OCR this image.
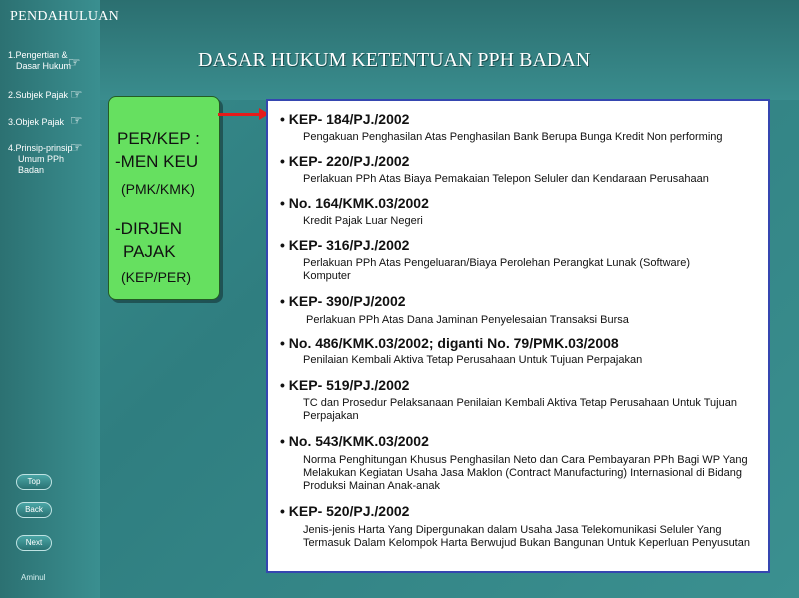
PENDAHULUAN
DASAR HUKUM KETENTUAN PPH BADAN
1.Pengertian &
Dasar Hukum
☞
2.Subjek Pajak ☞
3.Objek Pajak ☞
4.Prinsip-prinsip
Umum PPh
Badan
☞ PER/KEP :
-MEN KEU
(PMK/KMK)
-DIRJEN
PAJAK
(KEP/PER)
• KEP- 184/PJ./2002
Pengakuan Penghasilan Atas Penghasilan Bank Berupa Bunga Kredit Non performing
• KEP- 220/PJ./2002
Perlakuan PPh Atas Biaya Pemakaian Telepon Seluler dan Kendaraan Perusahaan
• No. 164/KMK.03/2002
Kredit Pajak Luar Negeri
• KEP- 316/PJ./2002
Perlakuan PPh Atas Pengeluaran/Biaya Perolehan Perangkat Lunak (Software) Komputer
• KEP- 390/PJ/2002
Perlakuan PPh Atas Dana Jaminan Penyelesaian Transaksi Bursa
• No. 486/KMK.03/2002; diganti No. 79/PMK.03/2008
Penilaian Kembali Aktiva Tetap Perusahaan Untuk Tujuan Perpajakan
• KEP- 519/PJ./2002
TC dan Prosedur Pelaksanaan Penilaian Kembali Aktiva Tetap Perusahaan Untuk Tujuan Perpajakan
• No. 543/KMK.03/2002
Norma Penghitungan Khusus Penghasilan Neto dan Cara Pembayaran PPh Bagi WP Yang Melakukan Kegiatan Usaha Jasa Maklon (Contract Manufacturing) Internasional di Bidang Produksi Mainan Anak-anak
• KEP- 520/PJ./2002
Jenis-jenis Harta Yang Dipergunakan dalam Usaha Jasa Telekomunikasi Seluler Yang Termasuk Dalam Kelompok Harta Berwujud Bukan Bangunan Untuk Keperluan Penyusutan
Top
Back
Next
Aminul
